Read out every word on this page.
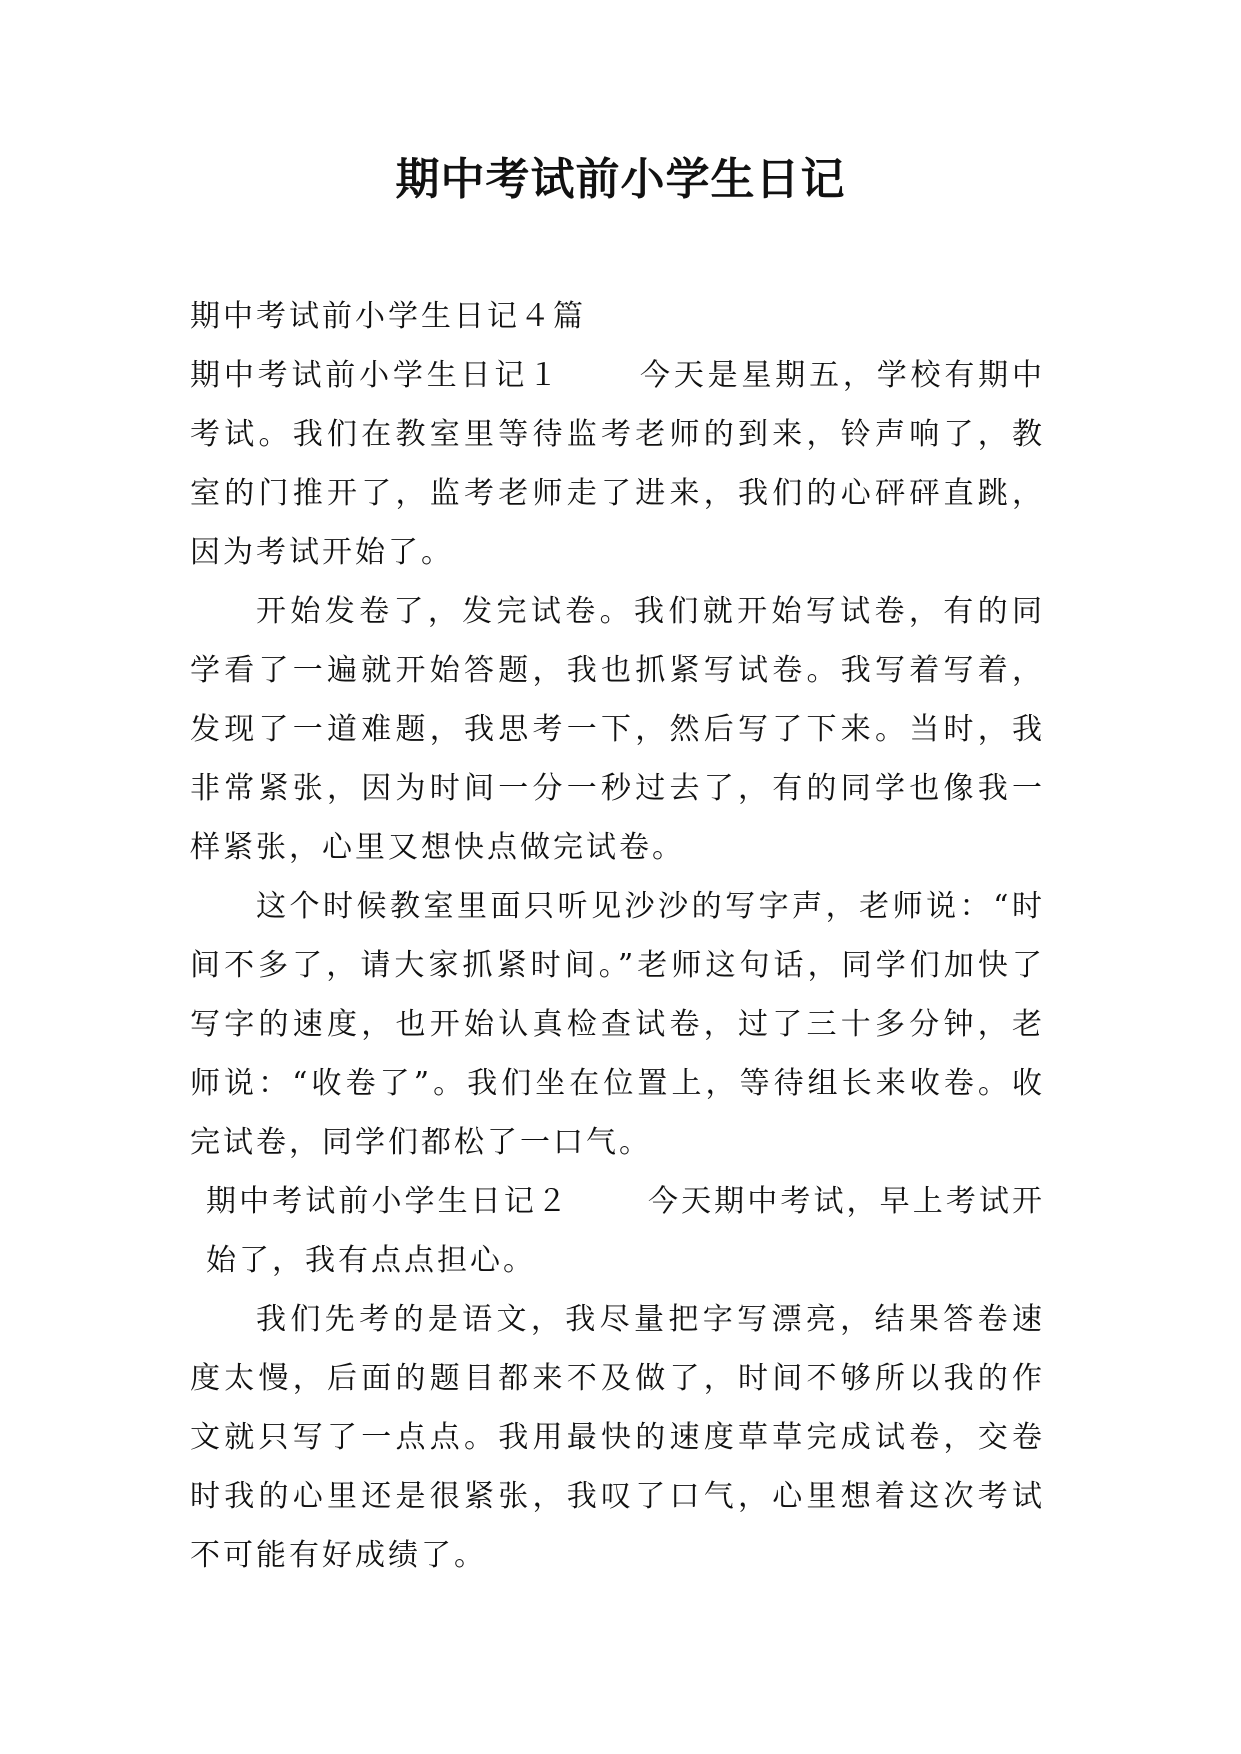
期中考试前小学生日记

期中考试前小学生日记４篇

期中考试前小学生日记１	今天是星期五，学校有期中考试。我们在教室里等待监考老师的到来，铃声响了，教室的门推开了，监考老师走了进来，我们的心砰砰直跳，因为考试开始了。

开始发卷了，发完试卷。我们就开始写试卷，有的同学看了一遍就开始答题，我也抓紧写试卷。我写着写着，发现了一道难题，我思考一下，然后写了下来。当时，我非常紧张，因为时间一分一秒过去了，有的同学也像我一样紧张，心里又想快点做完试卷。

这个时候教室里面只听见沙沙的写字声，老师说：“时间不多了，请大家抓紧时间。”老师这句话，同学们加快了写字的速度，也开始认真检查试卷，过了三十多分钟，老师说：“收卷了”。我们坐在位置上，等待组长来收卷。收完试卷，同学们都松了一口气。

期中考试前小学生日记２	今天期中考试，早上考试开始了，我有点点担心。

我们先考的是语文，我尽量把字写漂亮，结果答卷速度太慢，后面的题目都来不及做了，时间不够所以我的作文就只写了一点点。我用最快的速度草草完成试卷，交卷时我的心里还是很紧张，我叹了口气，心里想着这次考试不可能有好成绩了。
